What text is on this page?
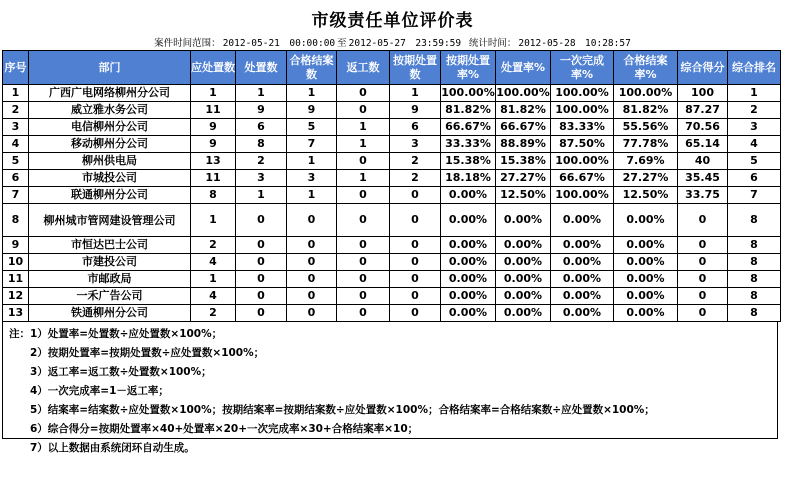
市级责任单位评价表
案件时间范围： 2012-05-21　00:00:00 至 2012-05-27　23:59:59 统计时间： 2012-05-28　10:28:57
序号	部门	应处置数	处置数	合格结案数	返工数	按期处置数	按期处置率%	处置率%	一次完成率%	合格结案率%	综合得分	综合排名
1	广西广电网络柳州分公司	1	1	1	0	1	100.00%	100.00%	100.00%	100.00%	100	1
2	威立雅水务公司	11	9	9	0	9	81.82%	81.82%	100.00%	81.82%	87.27	2
3	电信柳州分公司	9	6	5	1	6	66.67%	66.67%	83.33%	55.56%	70.56	3
4	移动柳州分公司	9	8	7	1	3	33.33%	88.89%	87.50%	77.78%	65.14	4
5	柳州供电局	13	2	1	0	2	15.38%	15.38%	100.00%	7.69%	40	5
6	市城投公司	11	3	3	1	2	18.18%	27.27%	66.67%	27.27%	35.45	6
7	联通柳州分公司	8	1	1	0	0	0.00%	12.50%	100.00%	12.50%	33.75	7
8	柳州城市管网建设管理公司	1	0	0	0	0	0.00%	0.00%	0.00%	0.00%	0	8
9	市恒达巴士公司	2	0	0	0	0	0.00%	0.00%	0.00%	0.00%	0	8
10	市建投公司	4	0	0	0	0	0.00%	0.00%	0.00%	0.00%	0	8
11	市邮政局	1	0	0	0	0	0.00%	0.00%	0.00%	0.00%	0	8
12	一禾广告公司	4	0	0	0	0	0.00%	0.00%	0.00%	0.00%	0	8
13	铁通柳州分公司	2	0	0	0	0	0.00%	0.00%	0.00%	0.00%	0	8
注：1）处置率=处置数÷应处置数×100%；
　　2）按期处置率=按期处置数÷应处置数×100%；
　　3）返工率=返工数÷处置数×100%；
　　4）一次完成率=1－返工率；
　　5）结案率=结案数÷应处置数×100%；按期结案率=按期结案数÷应处置数×100%；合格结案率=合格结案数÷应处置数×100%；
　　6）综合得分=按期处置率×40+处置率×20+一次完成率×30+合格结案率×10；
　　7）以上数据由系统闭环自动生成。
